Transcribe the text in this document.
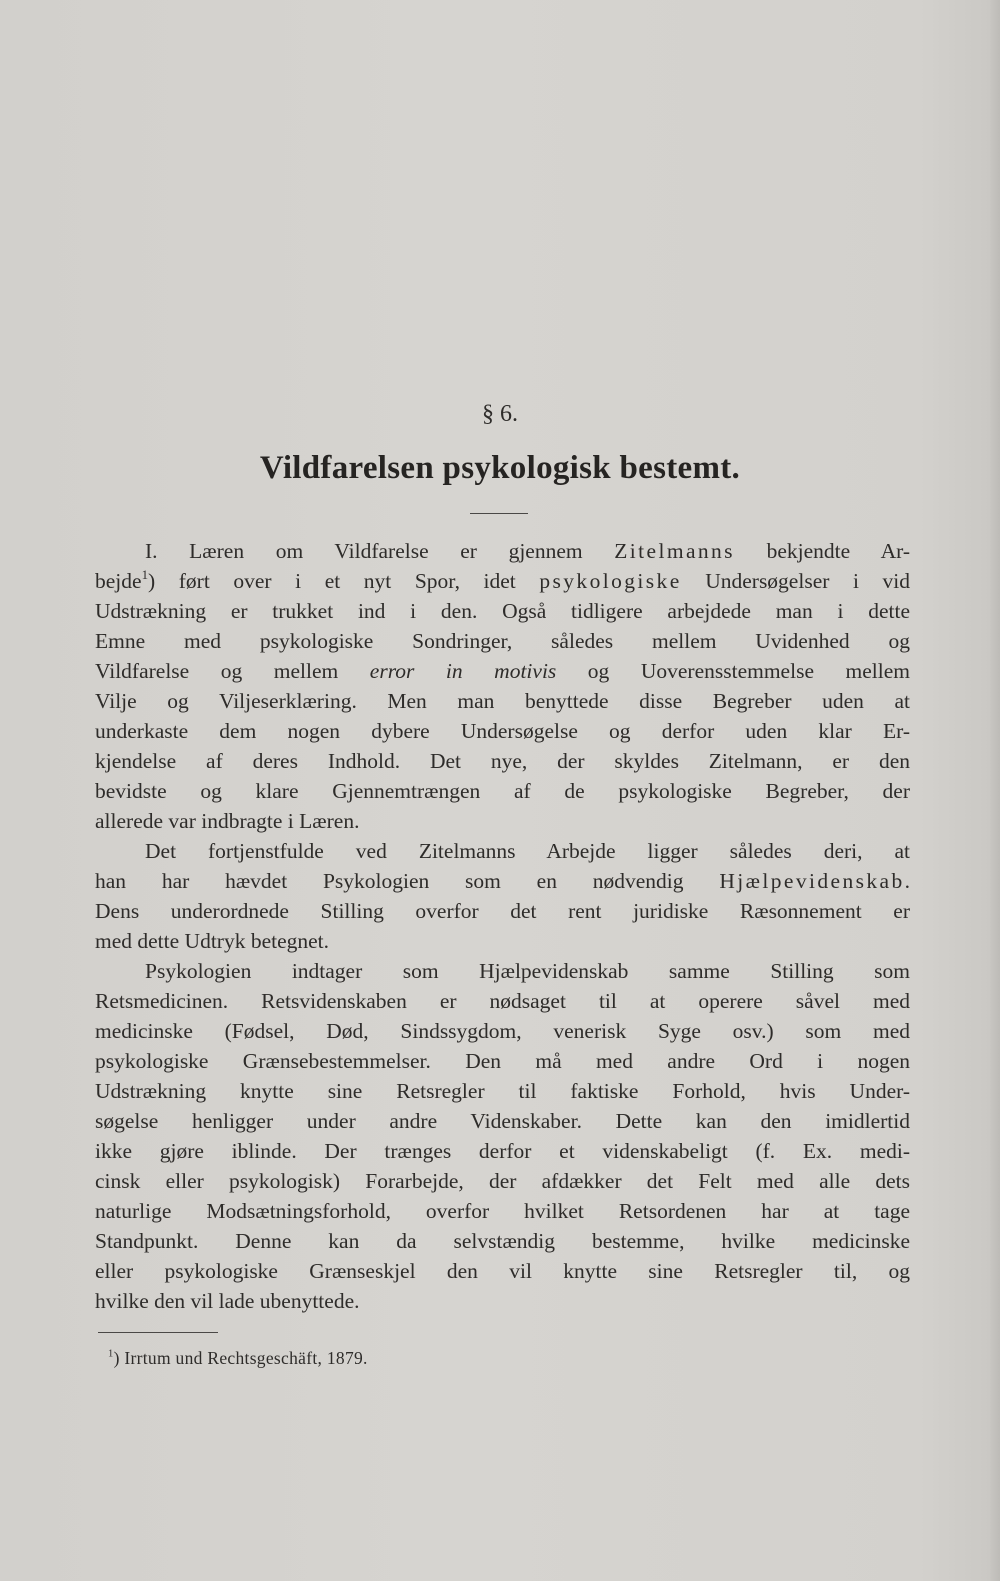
§ 6.
Vildfarelsen psykologisk bestemt.
I. Læren om Vildfarelse er gjennem Zitelmanns bekjendte Ar-
bejde$^1$) ført over i et nyt Spor, idet psykologiske Undersøgelser i vid
Udstrækning er trukket ind i den. Også tidligere arbejdede man i dette
Emne med psykologiske Sondringer, således mellem Uvidenhed og
Vildfarelse og mellem error in motivis og Uoverensstemmelse mellem
Vilje og Viljeserklæring. Men man benyttede disse Begreber uden at
underkaste dem nogen dybere Undersøgelse og derfor uden klar Er-
kjendelse af deres Indhold. Det nye, der skyldes Zitelmann, er den
bevidste og klare Gjennemtrængen af de psykologiske Begreber, der
allerede var indbragte i Læren.
Det fortjenstfulde ved Zitelmanns Arbejde ligger således deri, at
han har hævdet Psykologien som en nødvendig Hjælpevidenskab.
Dens underordnede Stilling overfor det rent juridiske Ræsonnement er
med dette Udtryk betegnet.
Psykologien indtager som Hjælpevidenskab samme Stilling som
Retsmedicinen. Retsvidenskaben er nødsaget til at operere såvel med
medicinske (Fødsel, Død, Sindssygdom, venerisk Syge osv.) som med
psykologiske Grænsebestemmelser. Den må med andre Ord i nogen
Udstrækning knytte sine Retsregler til faktiske Forhold, hvis Under-
søgelse henligger under andre Videnskaber. Dette kan den imidlertid
ikke gjøre iblinde. Der trænges derfor et videnskabeligt (f. Ex. medi-
cinsk eller psykologisk) Forarbejde, der afdækker det Felt med alle dets
naturlige Modsætningsforhold, overfor hvilket Retsordenen har at tage
Standpunkt. Denne kan da selvstændig bestemme, hvilke medicinske
eller psykologiske Grænseskjel den vil knytte sine Retsregler til, og
hvilke den vil lade ubenyttede.
$^1$) Irrtum und Rechtsgeschäft, 1879.
